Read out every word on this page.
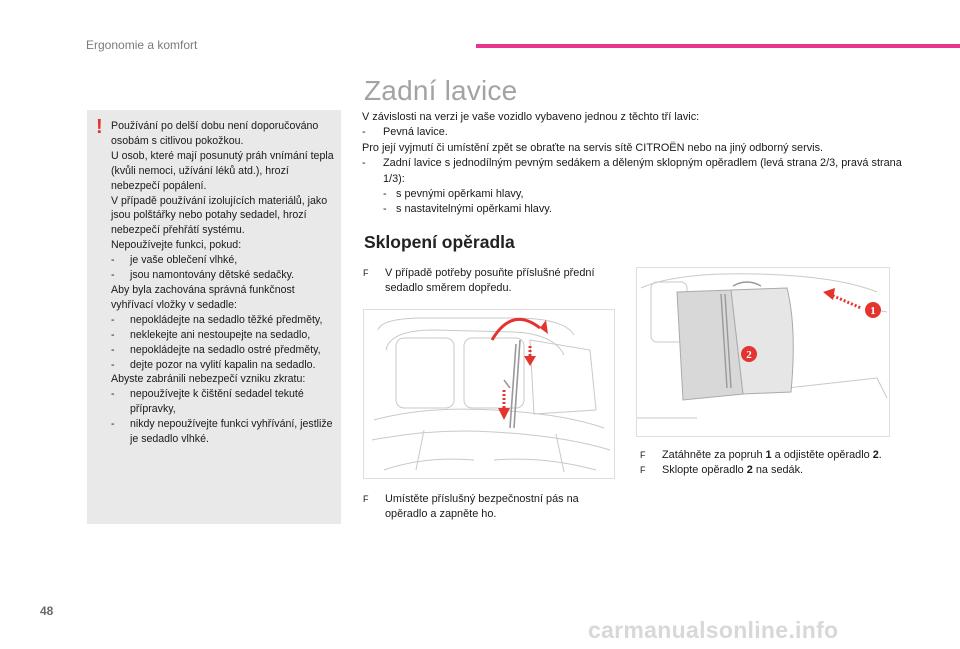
Ergonomie a komfort
! Používání po delší dobu není doporučováno osobám s citlivou pokožkou.

U osob, které mají posunutý práh vnímání tepla (kvůli nemoci, užívání léků atd.), hrozí nebezpečí popálení.

V případě používání izolujících materiálů, jako jsou polštářky nebo potahy sedadel, hrozí nebezpečí přehřátí systému.

Nepoužívejte funkci, pokud:

- je vaše oblečení vlhké,

- jsou namontovány dětské sedačky.

Aby byla zachována správná funkčnost vyhřívací vložky v sedadle:

- nepokládejte na sedadlo těžké předměty,

- neklekejte ani nestoupejte na sedadlo,

- nepokládejte na sedadlo ostré předměty,

- dejte pozor na vylití kapalin na sedadlo.

Abyste zabránili nebezpečí vzniku zkratu:

- nepoužívejte k čištění sedadel tekuté přípravky,

- nikdy nepoužívejte funkci vyhřívání, jestliže je sedadlo vlhké.

Zadní lavice

V závislosti na verzi je vaše vozidlo vybaveno jednou z těchto tří lavic:

- Pevná lavice.

Pro její vyjmutí či umístění zpět se obraťte na servis sítě CITROËN nebo na jiný odborný servis.

- Zadní lavice s jednodílným pevným sedákem a děleným sklopným opěradlem (levá strana 2/3, pravá strana 1/3):

- s pevnými opěrkami hlavy,

- s nastavitelnými opěrkami hlavy.

Sklopení opěradla
F	V případě potřeby posuňte příslušné přední sedadlo směrem dopředu.
F	Umístěte příslušný bezpečnostní pás na opěradlo a zapněte ho.
1
2
F	Zatáhněte za popruh 1 a odjistěte opěradlo 2.
F	Sklopte opěradlo 2 na sedák.
48
carmanualsonline.info
